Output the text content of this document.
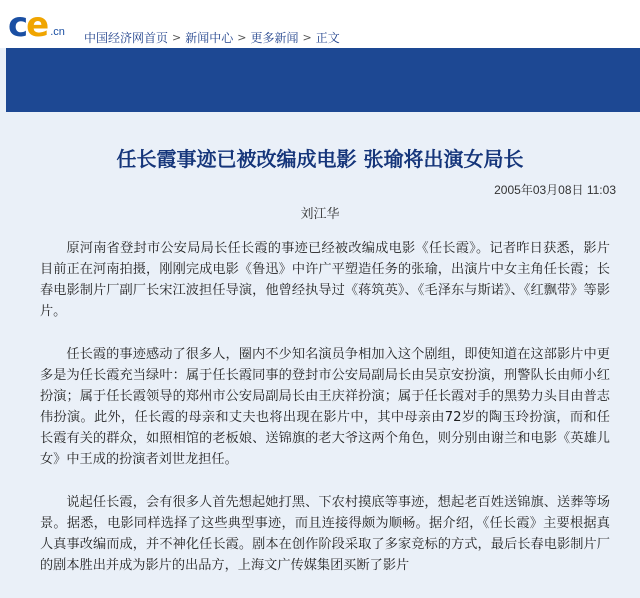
c e .cn 中国经济网首页 > 新闻中心 > 更多新闻 > 正文
任长霞事迹已被改编成电影 张瑜将出演女局长
2005年03月08日 11:03
刘江华

原河南省登封市公安局局长任长霞的事迹已经被改编成电影《任长霞》。记者昨日获悉，影片目前正在河南拍摄，刚刚完成电影《鲁迅》中许广平塑造任务的张瑜，出演片中女主角任长霞；长春电影制片厂副厂长宋江波担任导演，他曾经执导过《蒋筑英》、《毛泽东与斯诺》、《红飘带》等影片。

任长霞的事迹感动了很多人，圈内不少知名演员争相加入这个剧组，即使知道在这部影片中更多是为任长霞充当绿叶：属于任长霞同事的登封市公安局副局长由吴京安扮演，刑警队长由师小红扮演；属于任长霞领导的郑州市公安局副局长由王庆祥扮演；属于任长霞对手的黑势力头目由普志伟扮演。此外，任长霞的母亲和丈夫也将出现在影片中，其中母亲由72岁的陶玉玲扮演，而和任长霞有关的群众，如照相馆的老板娘、送锦旗的老大爷这两个角色，则分别由谢兰和电影《英雄儿女》中王成的扮演者刘世龙担任。

说起任长霞，会有很多人首先想起她打黑、下农村摸底等事迹，想起老百姓送锦旗、送葬等场景。据悉，电影同样选择了这些典型事迹，而且连接得颇为顺畅。据介绍，《任长霞》主要根据真人真事改编而成，并不神化任长霞。剧本在创作阶段采取了多家竞标的方式，最后长春电影制片厂的剧本胜出并成为影片的出品方，上海文广传媒集团买断了影片
